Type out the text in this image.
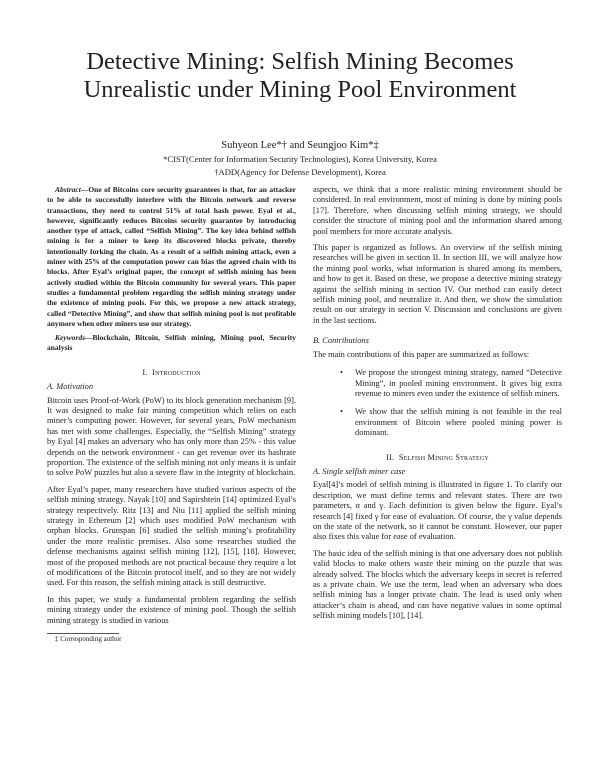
Detective Mining: Selfish Mining Becomes
Unrealistic under Mining Pool Environment
Suhyeon Lee*† and Seungjoo Kim*‡
*CIST(Center for Information Security Technologies), Korea University, Korea
†ADD(Agency for Defense Development), Korea

Abstract—One of Bitcoins core security guarantees is that, for an attacker to be able to successfully interfere with the Bitcoin network and reverse transactions, they need to control 51% of total hash power. Eyal et al., however, significantly reduces Bitcoins security guarantee by introducing another type of attack, called “Selfish Mining”. The key idea behind selfish mining is for a miner to keep its discovered blocks private, thereby intentionally forking the chain. As a result of a selfish mining attack, even a miner with 25% of the computation power can bias the agreed chain with its blocks. After Eyal’s original paper, the concept of selfish mining has been actively studied within the Bitcoin community for several years. This paper studies a fundamental problem regarding the selfish mining strategy under the existence of mining pools. For this, we propose a new attack strategy, called “Detective Mining”, and show that selfish mining pool is not profitable anymore when other miners use our strategy.

Keywords—Blockchain, Bitcoin, Selfish mining, Mining pool, Security analysis

I. Introduction
A. Motivation

Bitcoin uses Proof-of-Work (PoW) to its block generation mechanism [9]. It was designed to make fair mining competition which relies on each miner’s computing power. However, for several years, PoW mechanism has met with some challenges. Especially, the “Selfish Mining” strategy by Eyal [4] makes an adversary who has only more than 25% - this value depends on the network environment - can get revenue over its hashrate proportion. The existence of the selfish mining not only means it is unfair to solve PoW puzzles but also a severe flaw in the integrity of blockchain.

After Eyal’s paper, many researchers have studied various aspects of the selfish mining strategy. Nayak [10] and Sapirshtein [14] optimized Eyal’s strategy respectively. Ritz [13] and Niu [11] applied the selfish mining strategy in Ethereum [2] which uses modified PoW mechanism with orphan blocks. Grunspan [6] studied the selfish mining’s profitability under the more realistic premises. Also some researches studied the defense mechanisms against selfish mining [12], [15], [18]. However, most of the proposed methods are not practical because they require a lot of modifications of the Bitcoin protocol itself, and so they are not widely used. For this reason, the selfish mining attack is still destructive.

In this paper, we study a fundamental problem regarding the selfish mining strategy under the existence of mining pool. Though the selfish mining strategy is studied in various

‡ Corresponding author

aspects, we think that a more realistic mining environment should be considered. In real environment, most of mining is done by mining pools [17]. Therefore, when discussing selfish mining strategy, we should consider the structure of mining pool and the information shared among pool members for more accurate analysis.

This paper is organized as follows. An overview of the selfish mining researches will be given in section II. In section III, we will analyze how the mining pool works, what information is shared among its members, and how to get it. Based on these, we propose a detective mining strategy against the selfish mining in section IV. Our method can easily detect selfish mining pool, and neutralize it. And then, we show the simulation result on our strategy in section V. Discussion and conclusions are given in the last sections.

B. Contributions

The main contributions of this paper are summarized as follows:

• We propose the strongest mining strategy, named “Detective Mining”, in pooled mining environment. It gives big extra revenue to miners even under the existence of selfish miners.
• We show that the selfish mining is not feasible in the real environment of Bitcoin where pooled mining power is dominant.
II. Selfish Mining Strategy
A. Single selfish miner case

Eyal[4]’s model of selfish mining is illustrated in figure 1. To clarify our description, we must define terms and relevant states. There are two parameters, α and γ. Each definition is given below the figure. Eyal’s research [4] fixed γ for ease of evaluation. Of course, the γ value depends on the state of the network, so it cannot be constant. However, our paper also fixes this value for ease of evaluation.

The basic idea of the selfish mining is that one adversary does not publish valid blocks to make others waste their mining on the puzzle that was already solved. The blocks which the adversary keeps in secret is referred as a private chain. We use the term, lead when an adversary who does selfish mining has a longer private chain. The lead is used only when attacker’s chain is ahead, and can have negative values in some optimal selfish mining models [10], [14].
